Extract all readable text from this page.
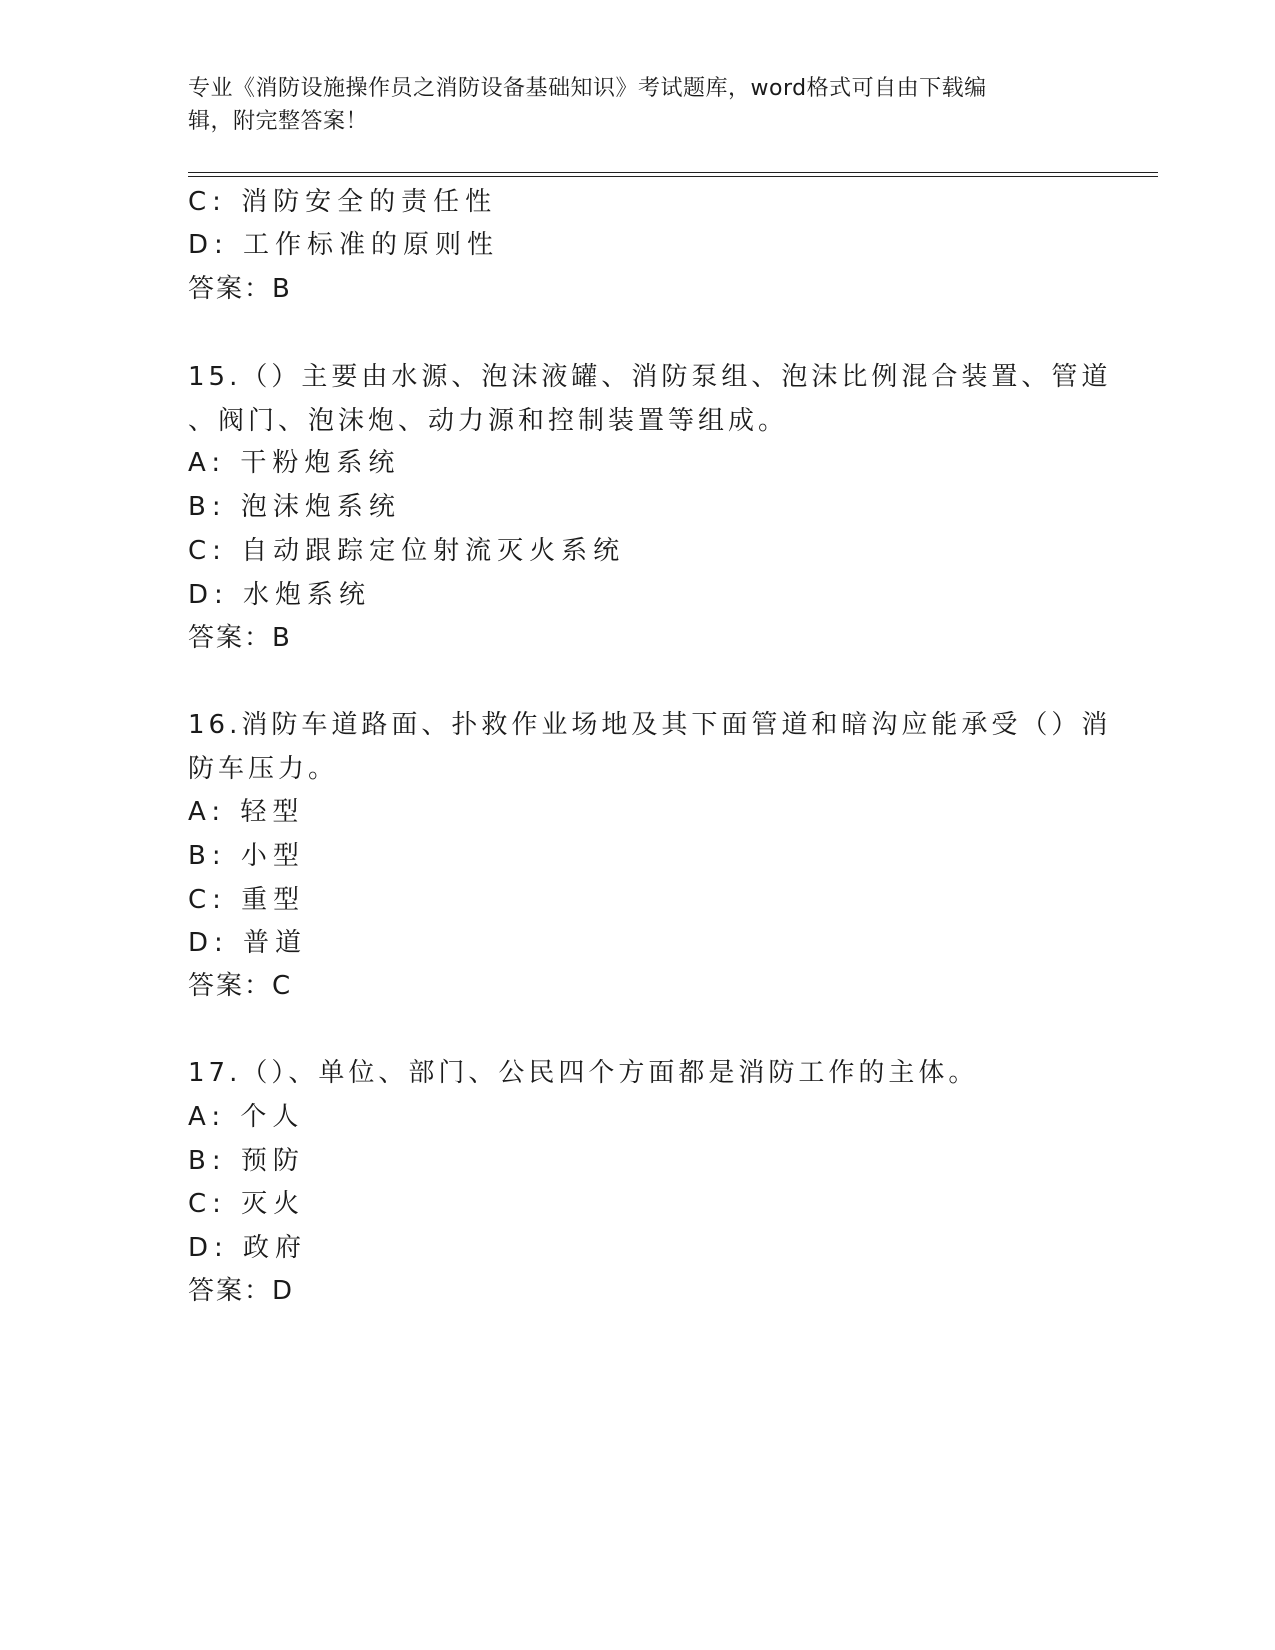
专业《消防设施操作员之消防设备基础知识》考试题库，word格式可自由下载编
辑，附完整答案！
C: 消防安全的责任性
D: 工作标准的原则性
答案：B
15.（）主要由水源、泡沫液罐、消防泵组、泡沫比例混合装置、管道
、阀门、泡沫炮、动力源和控制装置等组成。
A: 干粉炮系统
B: 泡沫炮系统
C: 自动跟踪定位射流灭火系统
D: 水炮系统
答案：B
16.消防车道路面、扑救作业场地及其下面管道和暗沟应能承受（）消
防车压力。
A: 轻型
B: 小型
C: 重型
D: 普道
答案：C
17.（）、单位、部门、公民四个方面都是消防工作的主体。
A: 个人
B: 预防
C: 灭火
D: 政府
答案：D
